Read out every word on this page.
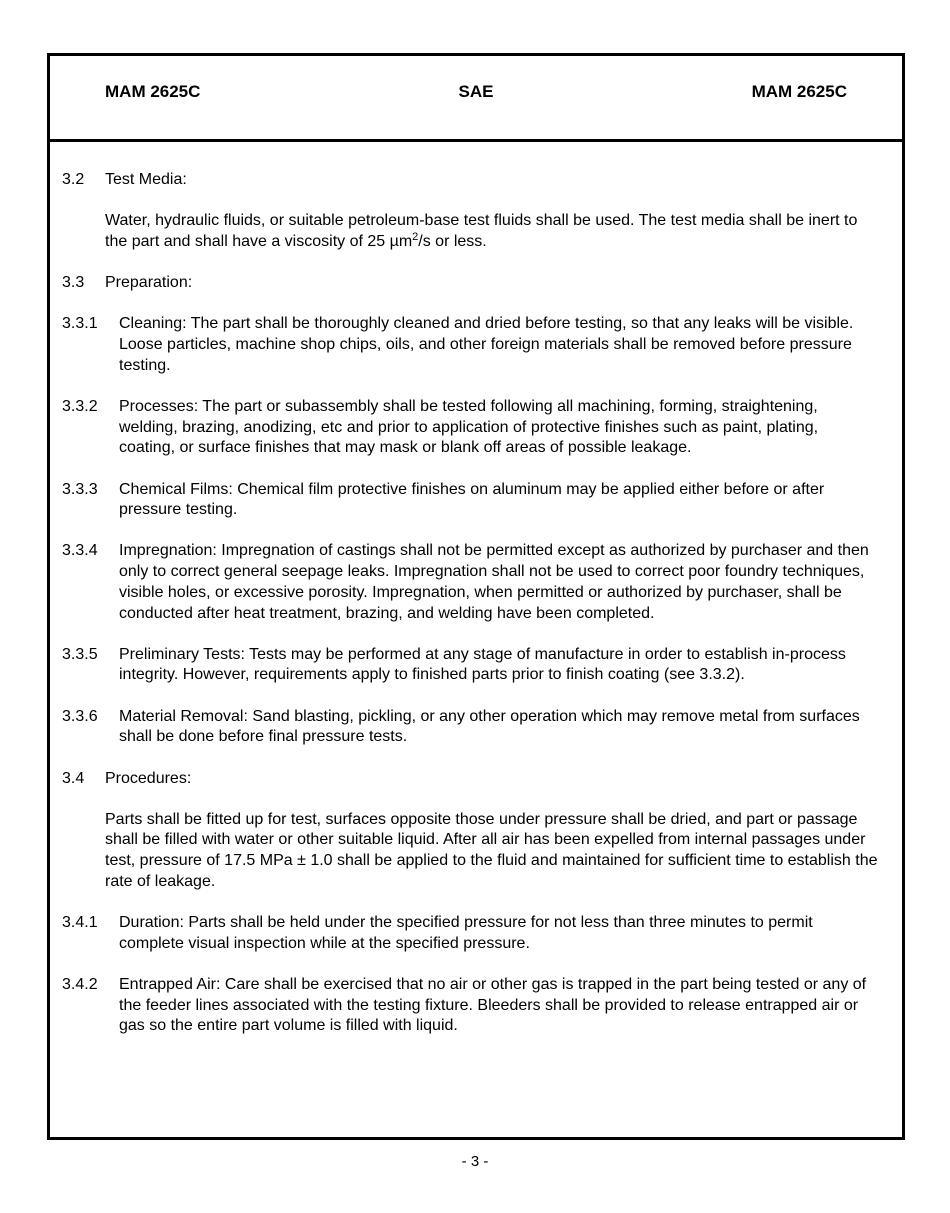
MAM 2625C	SAE	MAM 2625C
3.2	Test Media:
Water, hydraulic fluids, or suitable petroleum-base test fluids shall be used. The test media shall be inert to the part and shall have a viscosity of 25 µm$^2$/s or less.
3.3	Preparation:
3.3.1	Cleaning: The part shall be thoroughly cleaned and dried before testing, so that any leaks will be visible. Loose particles, machine shop chips, oils, and other foreign materials shall be removed before pressure testing.
3.3.2	Processes: The part or subassembly shall be tested following all machining, forming, straightening, welding, brazing, anodizing, etc and prior to application of protective finishes such as paint, plating, coating, or surface finishes that may mask or blank off areas of possible leakage.
3.3.3	Chemical Films: Chemical film protective finishes on aluminum may be applied either before or after pressure testing.
3.3.4	Impregnation: Impregnation of castings shall not be permitted except as authorized by purchaser and then only to correct general seepage leaks. Impregnation shall not be used to correct poor foundry techniques, visible holes, or excessive porosity. Impregnation, when permitted or authorized by purchaser, shall be conducted after heat treatment, brazing, and welding have been completed.
3.3.5	Preliminary Tests: Tests may be performed at any stage of manufacture in order to establish in-process integrity. However, requirements apply to finished parts prior to finish coating (see 3.3.2).
3.3.6	Material Removal: Sand blasting, pickling, or any other operation which may remove metal from surfaces shall be done before final pressure tests.
3.4	Procedures:
Parts shall be fitted up for test, surfaces opposite those under pressure shall be dried, and part or passage shall be filled with water or other suitable liquid. After all air has been expelled from internal passages under test, pressure of 17.5 MPa ± 1.0 shall be applied to the fluid and maintained for sufficient time to establish the rate of leakage.
3.4.1	Duration: Parts shall be held under the specified pressure for not less than three minutes to permit complete visual inspection while at the specified pressure.
3.4.2	Entrapped Air: Care shall be exercised that no air or other gas is trapped in the part being tested or any of the feeder lines associated with the testing fixture. Bleeders shall be provided to release entrapped air or gas so the entire part volume is filled with liquid.
- 3 -
